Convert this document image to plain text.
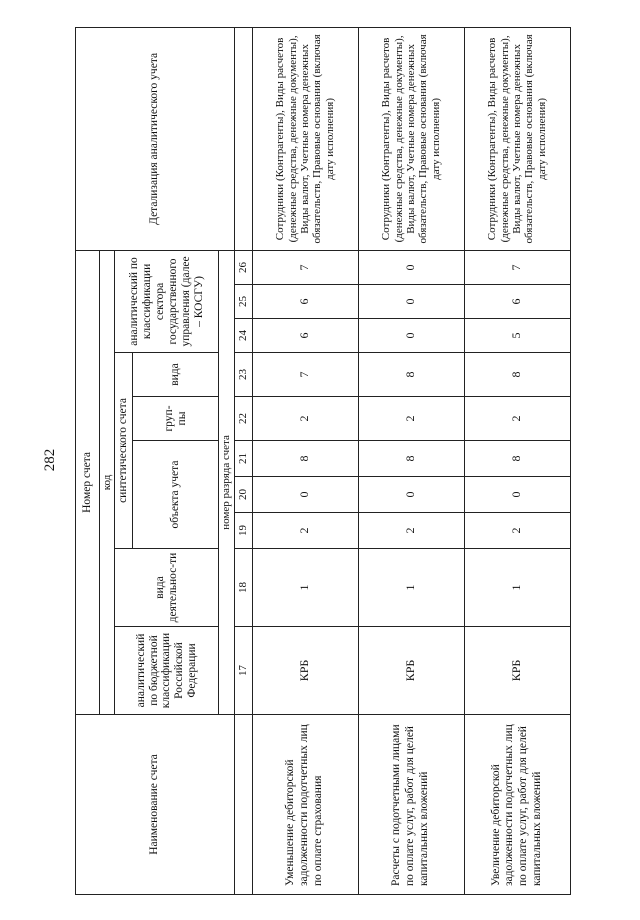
282
Наименование счета	Номер счета										Детализация аналитического учета
	код										
	аналитический по бюджетной классификации Российской Федерации	вида деятельнос-ти	синтетического счета					аналитический по классификации сектора государственного управления (далее – КОСГУ)			
			объекта учета			груп-пы	вида				
	номер разряда счета										
	17	18	19	20	21	22	23	24	25	26	

Уменьшение дебиторской задолженности подотчетных лиц по оплате страхования	КРБ	1	2	0	8	2	7	6	6	7	Сотрудники (Контрагенты), Виды расчетов (денежные средства, денежные документы), Виды валют, Учетные номера денежных обязательств, Правовые основания (включая дату исполнения)

Расчеты с подотчетными лицами по оплате услуг, работ для целей капитальных вложений	КРБ	1	2	0	8	2	8	0	0	0	Сотрудники (Контрагенты), Виды расчетов (денежные средства, денежные документы), Виды валют, Учетные номера денежных обязательств, Правовые основания (включая дату исполнения)

Увеличение дебиторской задолженности подотчетных лиц по оплате услуг, работ для целей капитальных вложений	КРБ	1	2	0	8	2	8	5	6	7	Сотрудники (Контрагенты), Виды расчетов (денежные средства, денежные документы), Виды валют, Учетные номера денежных обязательств, Правовые основания (включая дату исполнения)
